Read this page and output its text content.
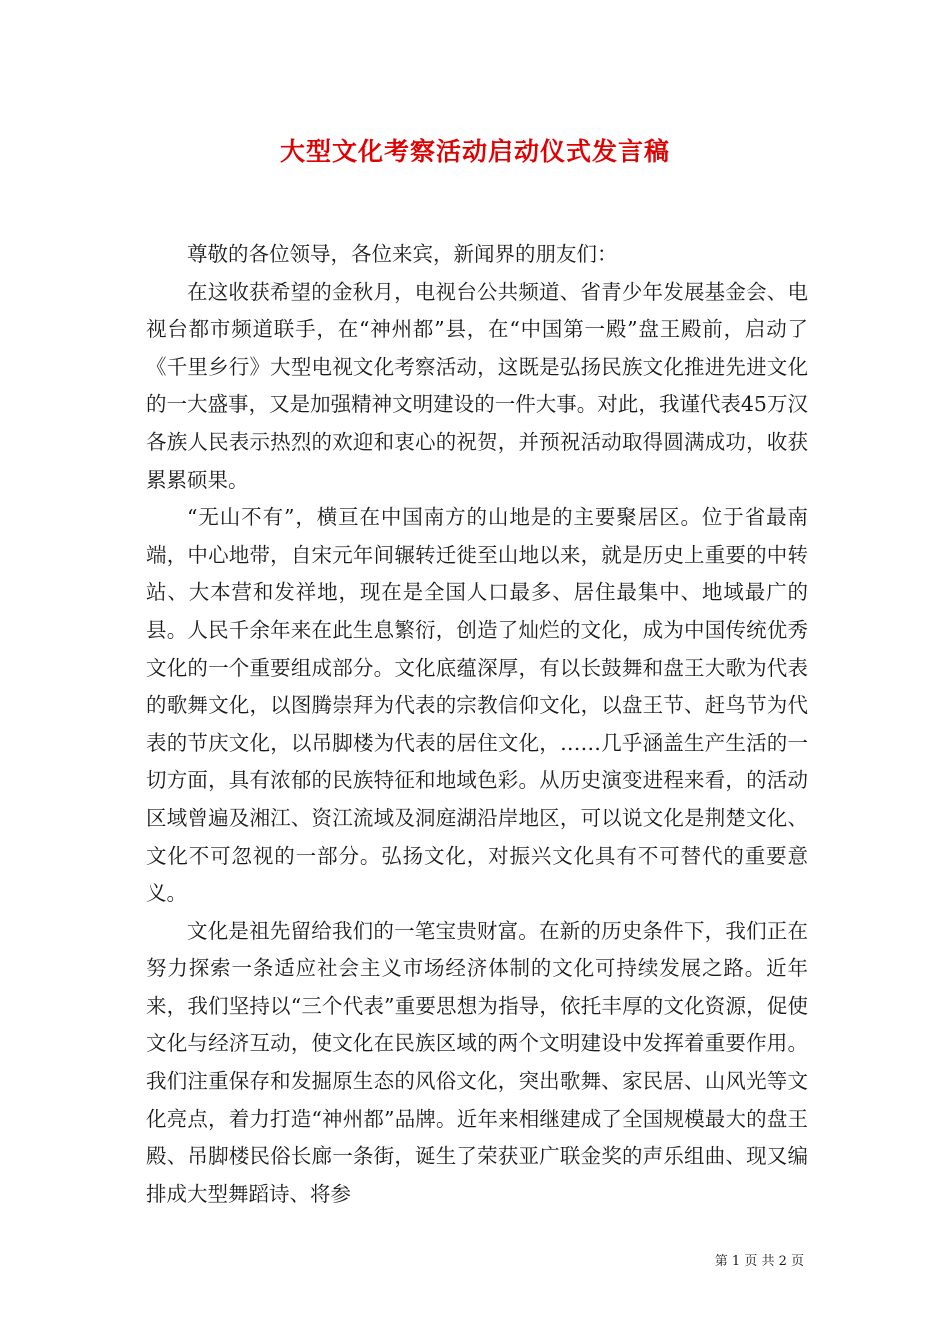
大型文化考察活动启动仪式发言稿

尊敬的各位领导，各位来宾，新闻界的朋友们：

在这收获希望的金秋月，电视台公共频道、省青少年发展基金会、电视台都市频道联手，在“神州都”县，在“中国第一殿”盘王殿前，启动了《千里乡行》大型电视文化考察活动，这既是弘扬民族文化推进先进文化的一大盛事，又是加强精神文明建设的一件大事。对此，我谨代表45万汉各族人民表示热烈的欢迎和衷心的祝贺，并预祝活动取得圆满成功，收获累累硕果。

“无山不有”，横亘在中国南方的山地是的主要聚居区。位于省最南端，中心地带，自宋元年间辗转迁徙至山地以来，就是历史上重要的中转站、大本营和发祥地，现在是全国人口最多、居住最集中、地域最广的县。人民千余年来在此生息繁衍，创造了灿烂的文化，成为中国传统优秀文化的一个重要组成部分。文化底蕴深厚，有以长鼓舞和盘王大歌为代表的歌舞文化，以图腾崇拜为代表的宗教信仰文化，以盘王节、赶鸟节为代表的节庆文化，以吊脚楼为代表的居住文化，……几乎涵盖生产生活的一切方面，具有浓郁的民族特征和地域色彩。从历史演变进程来看，的活动区域曾遍及湘江、资江流域及洞庭湖沿岸地区，可以说文化是荆楚文化、文化不可忽视的一部分。弘扬文化，对振兴文化具有不可替代的重要意义。

文化是祖先留给我们的一笔宝贵财富。在新的历史条件下，我们正在努力探索一条适应社会主义市场经济体制的文化可持续发展之路。近年来，我们坚持以“三个代表”重要思想为指导，依托丰厚的文化资源，促使文化与经济互动，使文化在民族区域的两个文明建设中发挥着重要作用。我们注重保存和发掘原生态的风俗文化，突出歌舞、家民居、山风光等文化亮点，着力打造“神州都”品牌。近年来相继建成了全国规模最大的盘王殿、吊脚楼民俗长廊一条街，诞生了荣获亚广联金奖的声乐组曲、现又编排成大型舞蹈诗、将参

第 1 页 共 2 页
